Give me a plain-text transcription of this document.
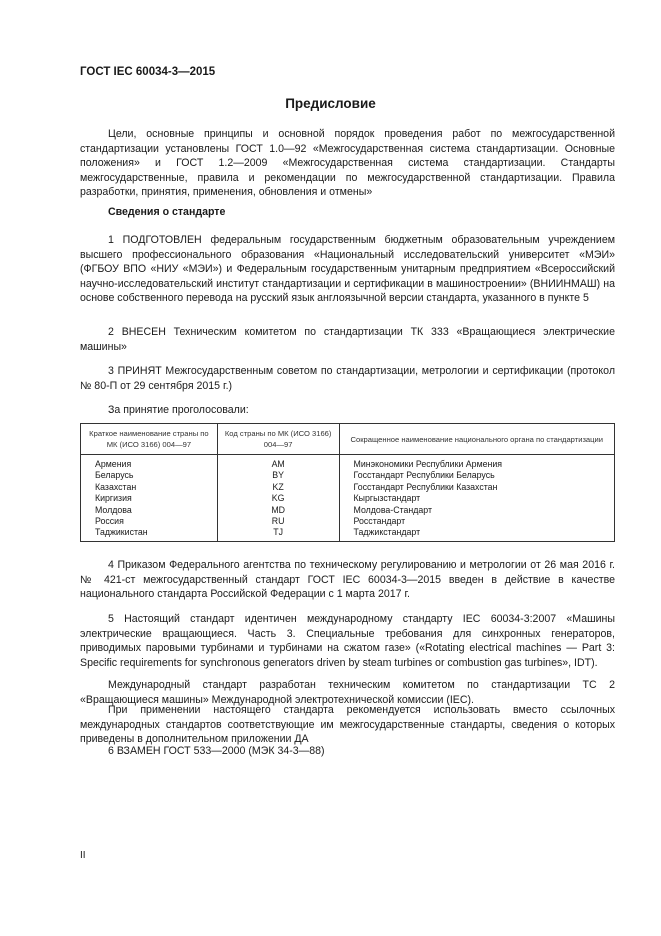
ГОСТ IEC 60034-3—2015
Предисловие

Цели, основные принципы и основной порядок проведения работ по межгосударственной стандартизации установлены ГОСТ 1.0—92 «Межгосударственная система стандартизации. Основные положения» и ГОСТ 1.2—2009 «Межгосударственная система стандартизации. Стандарты межгосударственные, правила и рекомендации по межгосударственной стандартизации. Правила разработки, принятия, применения, обновления и отмены»

Сведения о стандарте

1 ПОДГОТОВЛЕН федеральным государственным бюджетным образовательным учреждением высшего профессионального образования «Национальный исследовательский университет «МЭИ» (ФГБОУ ВПО «НИУ «МЭИ») и Федеральным государственным унитарным предприятием «Всероссийский научно-исследовательский институт стандартизации и сертификации в машиностроении» (ВНИИНМАШ) на основе собственного перевода на русский язык англоязычной версии стандарта, указанного в пункте 5

2 ВНЕСЕН Техническим комитетом по стандартизации ТК 333 «Вращающиеся электрические машины»

3 ПРИНЯТ Межгосударственным советом по стандартизации, метрологии и сертификации (протокол № 80-П от 29 сентября 2015 г.)

За принятие проголосовали:
Краткое наименование страны по МК (ИСО 3166) 004—97	Код страны по МК (ИСО 3166) 004—97	Сокращенное наименование национального органа по стандартизации
Армения	AM	Минэкономики Республики Армения
Беларусь	BY	Госстандарт Республики Беларусь
Казахстан	KZ	Госстандарт Республики Казахстан
Киргизия	KG	Кыргызстандарт
Молдова	MD	Молдова-Стандарт
Россия	RU	Росстандарт
Таджикистан	TJ	Таджикстандарт

4 Приказом Федерального агентства по техническому регулированию и метрологии от 26 мая 2016 г. № 421-ст межгосударственный стандарт ГОСТ IEC 60034-3—2015 введен в действие в качестве национального стандарта Российской Федерации с 1 марта 2017 г.

5 Настоящий стандарт идентичен международному стандарту IEC 60034-3:2007 «Машины электрические вращающиеся. Часть 3. Специальные требования для синхронных генераторов, приводимых паровыми турбинами и турбинами на сжатом газе» («Rotating electrical machines — Part 3: Specific requirements for synchronous generators driven by steam turbines or combustion gas turbines», IDT).

Международный стандарт разработан техническим комитетом по стандартизации ТС 2 «Вращающиеся машины» Международной электротехнической комиссии (IEC).

При применении настоящего стандарта рекомендуется использовать вместо ссылочных международных стандартов соответствующие им межгосударственные стандарты, сведения о которых приведены в дополнительном приложении ДА

6 ВЗАМЕН ГОСТ 533—2000 (МЭК 34-3—88)

II
